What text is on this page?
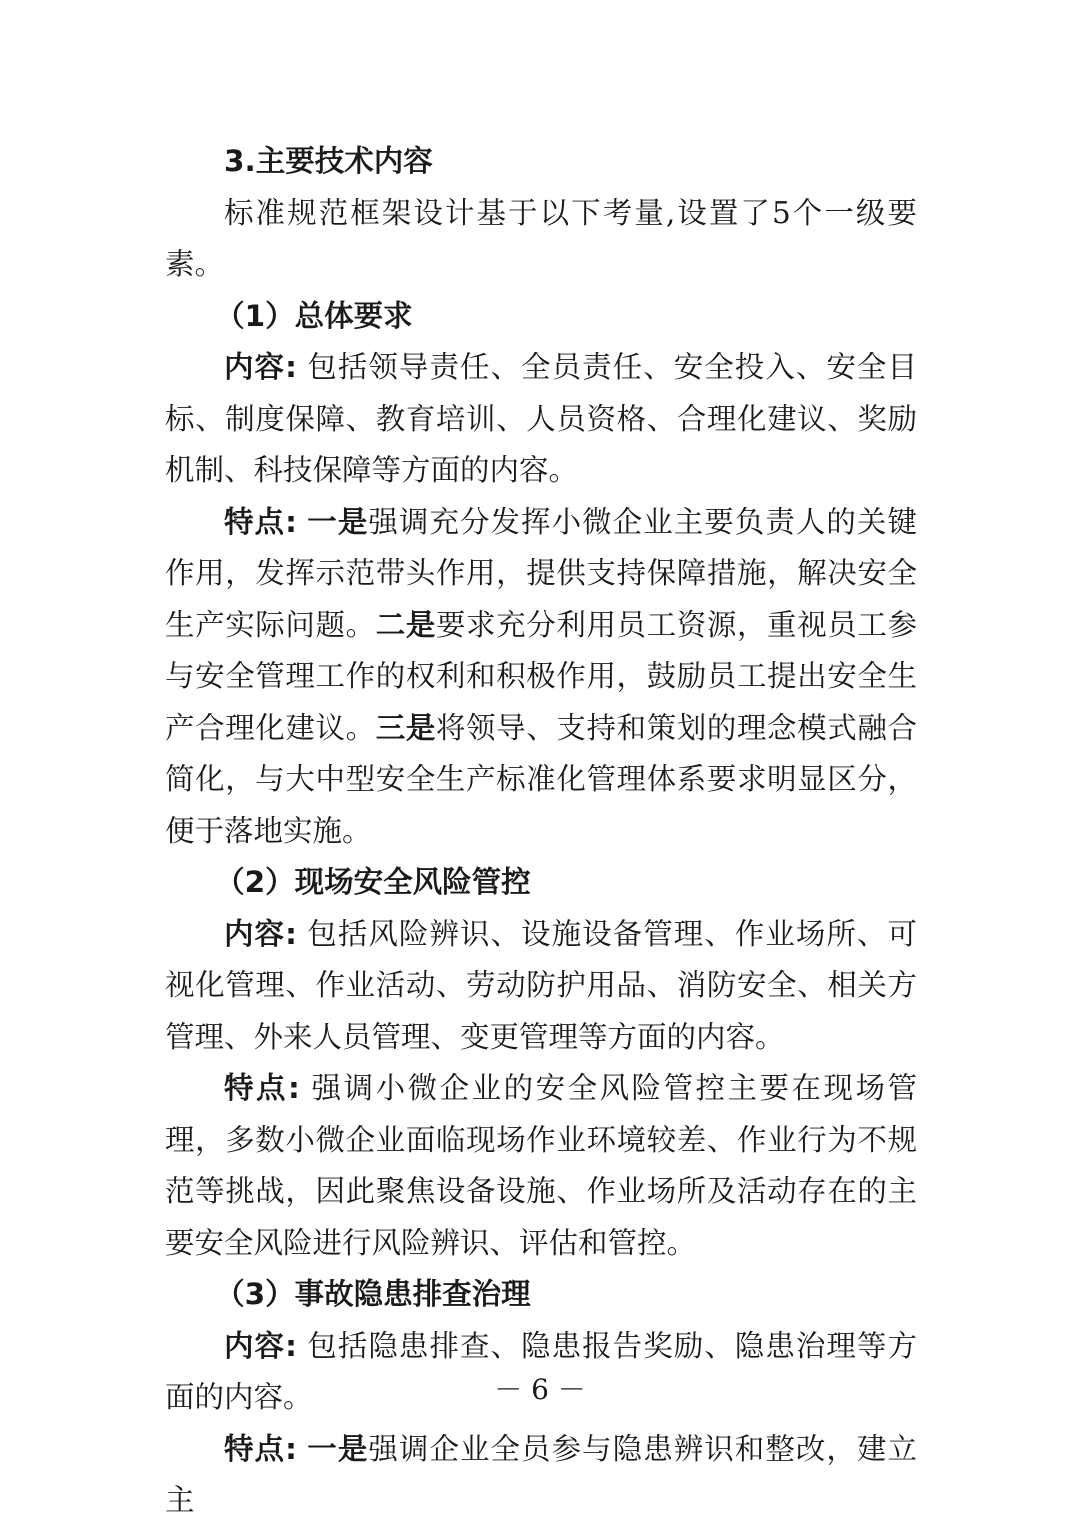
3.主要技术内容

标准规范框架设计基于以下考量,设置了5个一级要素。

（1）总体要求

内容: 包括领导责任、全员责任、安全投入、安全目标、制度保障、教育培训、人员资格、合理化建议、奖励机制、科技保障等方面的内容。

特点: 一是强调充分发挥小微企业主要负责人的关键作用，发挥示范带头作用，提供支持保障措施，解决安全生产实际问题。二是要求充分利用员工资源，重视员工参与安全管理工作的权利和积极作用，鼓励员工提出安全生产合理化建议。三是将领导、支持和策划的理念模式融合简化，与大中型安全生产标准化管理体系要求明显区分，便于落地实施。

（2）现场安全风险管控

内容: 包括风险辨识、设施设备管理、作业场所、可视化管理、作业活动、劳动防护用品、消防安全、相关方管理、外来人员管理、变更管理等方面的内容。

特点: 强调小微企业的安全风险管控主要在现场管理，多数小微企业面临现场作业环境较差、作业行为不规范等挑战，因此聚焦设备设施、作业场所及活动存在的主要安全风险进行风险辨识、评估和管控。

（3）事故隐患排查治理

内容: 包括隐患排查、隐患报告奖励、隐患治理等方面的内容。

特点: 一是强调企业全员参与隐患辨识和整改，建立主

－ 6 －
